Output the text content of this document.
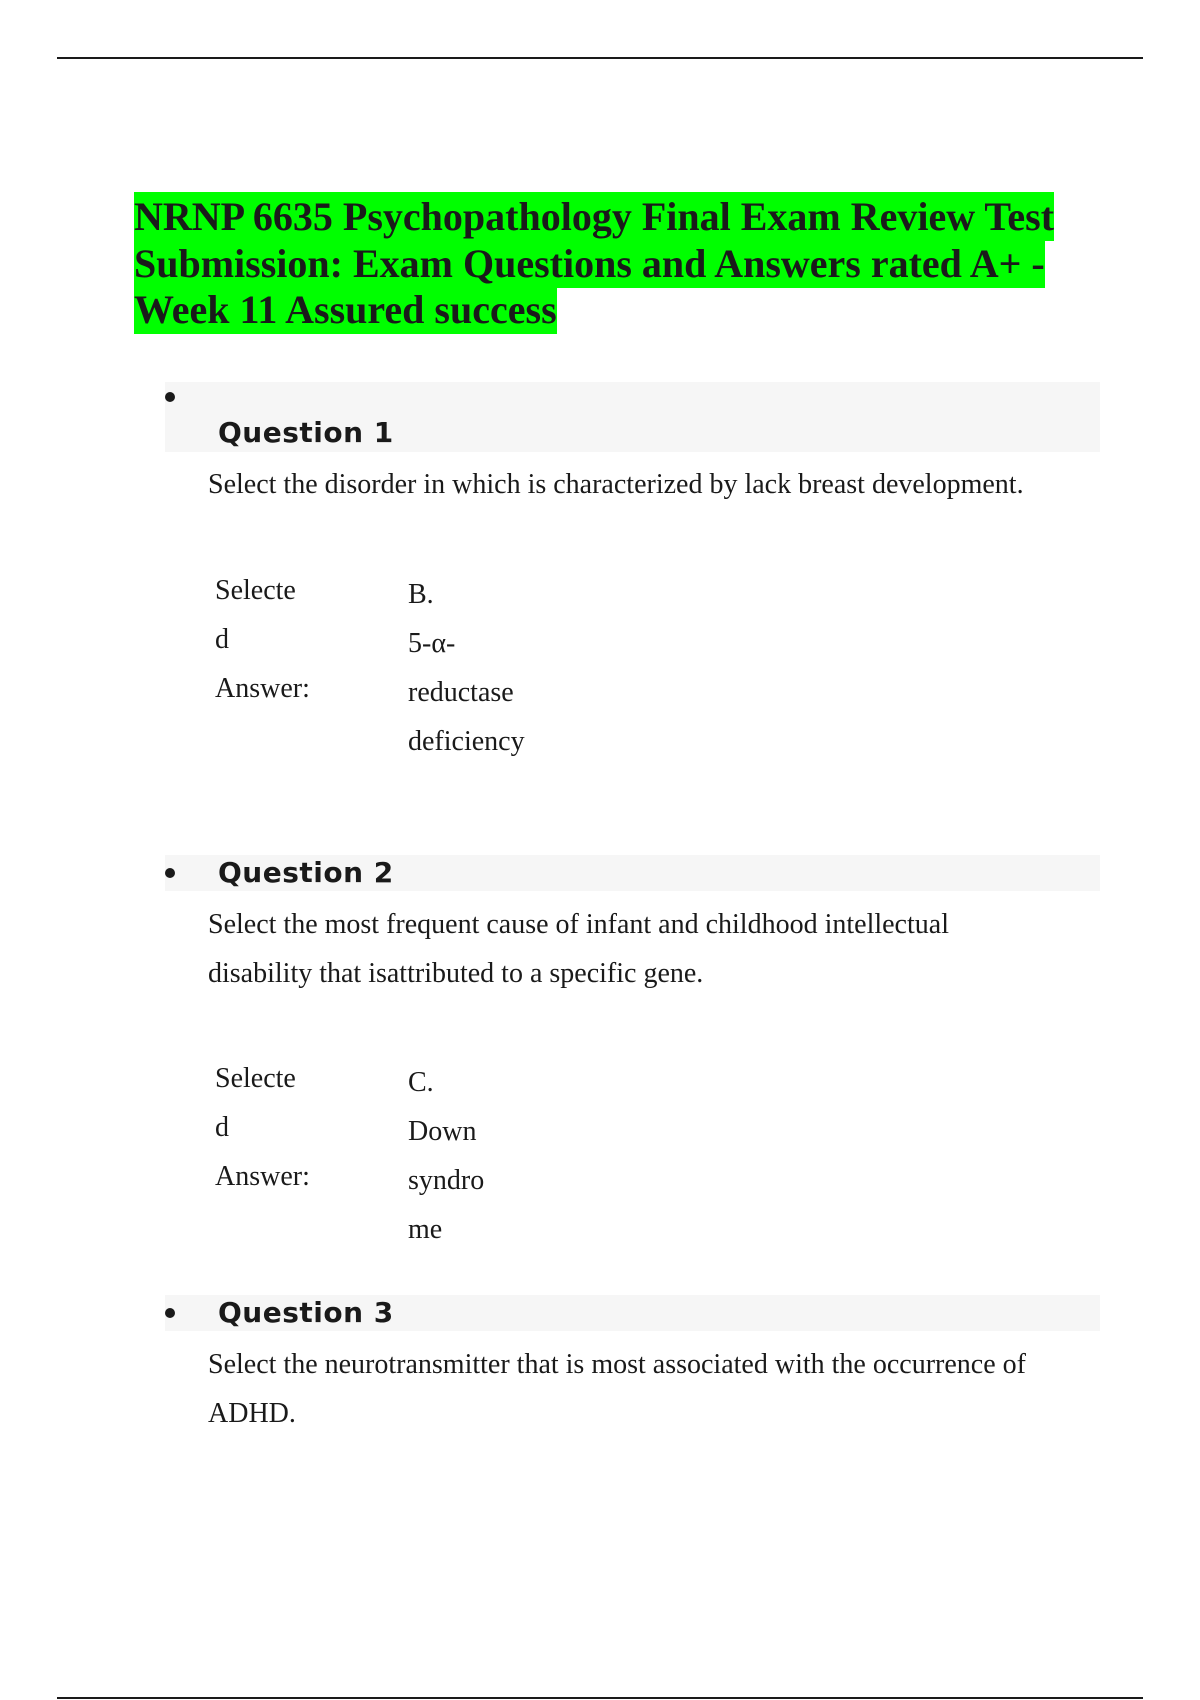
NRNP 6635 Psychopathology Final Exam Review Test
Submission: Exam Questions and Answers rated A+ -
Week 11 Assured success
Question 1

Select the disorder in which is characterized by lack breast development.

Selecte
d
Answer:
B.
5-α-
reductase
deficiency
Question 2

Select the most frequent cause of infant and childhood intellectual
disability that isattributed to a specific gene.

Selecte
d
Answer:
C.
Down
syndro
me
Question 3

Select the neurotransmitter that is most associated with the occurrence of
ADHD.
